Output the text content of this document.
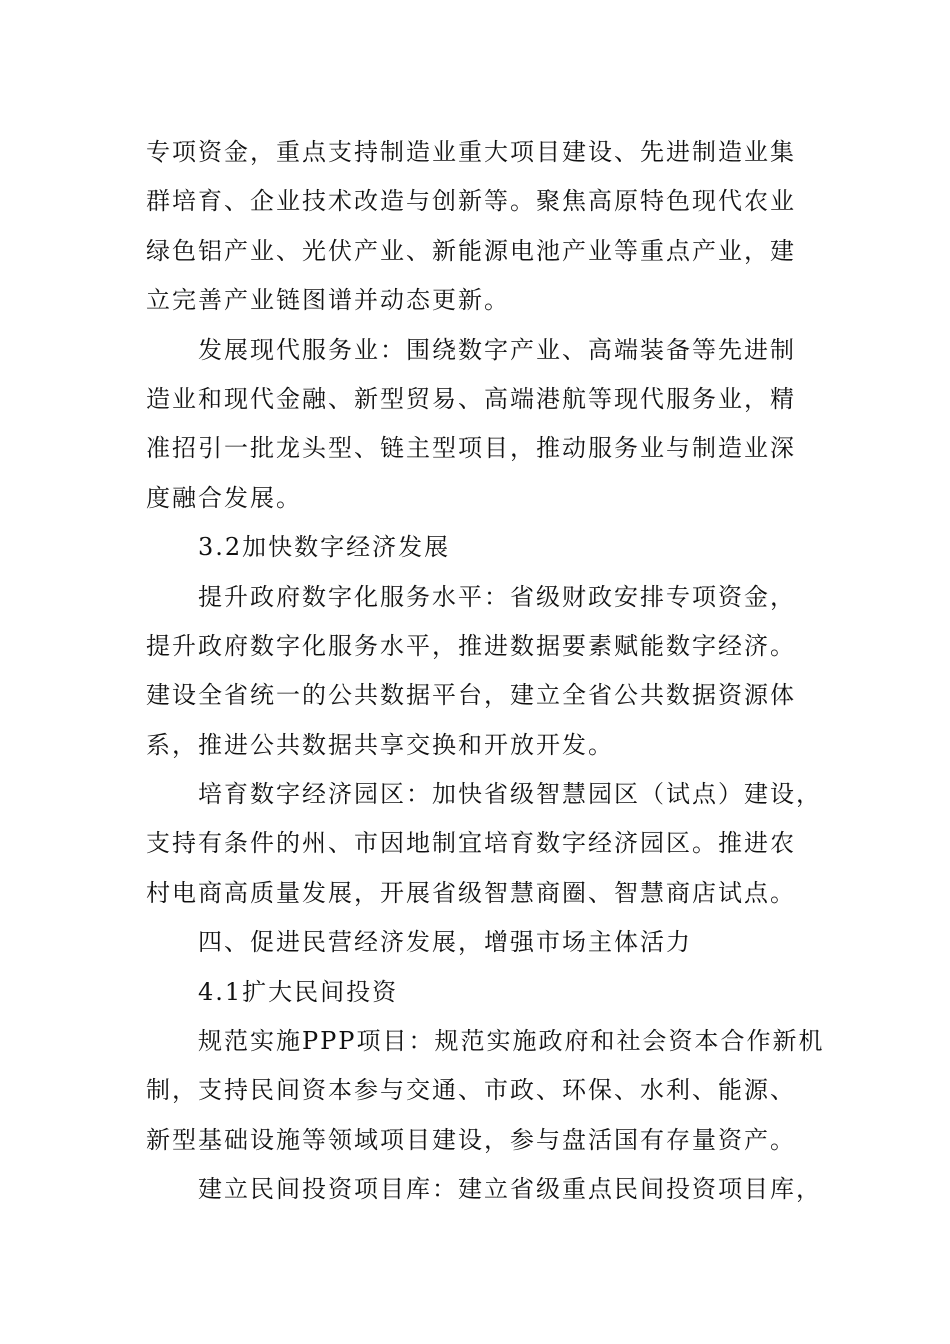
专项资金，重点支持制造业重大项目建设、先进制造业集
群培育、企业技术改造与创新等。聚焦高原特色现代农业
绿色铝产业、光伏产业、新能源电池产业等重点产业，建
立完善产业链图谱并动态更新。
发展现代服务业：围绕数字产业、高端装备等先进制
造业和现代金融、新型贸易、高端港航等现代服务业，精
准招引一批龙头型、链主型项目，推动服务业与制造业深
度融合发展。
3.2加快数字经济发展
提升政府数字化服务水平：省级财政安排专项资金，
提升政府数字化服务水平，推进数据要素赋能数字经济。
建设全省统一的公共数据平台，建立全省公共数据资源体
系，推进公共数据共享交换和开放开发。
培育数字经济园区：加快省级智慧园区（试点）建设，
支持有条件的州、市因地制宜培育数字经济园区。推进农
村电商高质量发展，开展省级智慧商圈、智慧商店试点。
四、促进民营经济发展，增强市场主体活力
4.1扩大民间投资
规范实施PPP项目：规范实施政府和社会资本合作新机
制，支持民间资本参与交通、市政、环保、水利、能源、
新型基础设施等领域项目建设，参与盘活国有存量资产。
建立民间投资项目库：建立省级重点民间投资项目库，
